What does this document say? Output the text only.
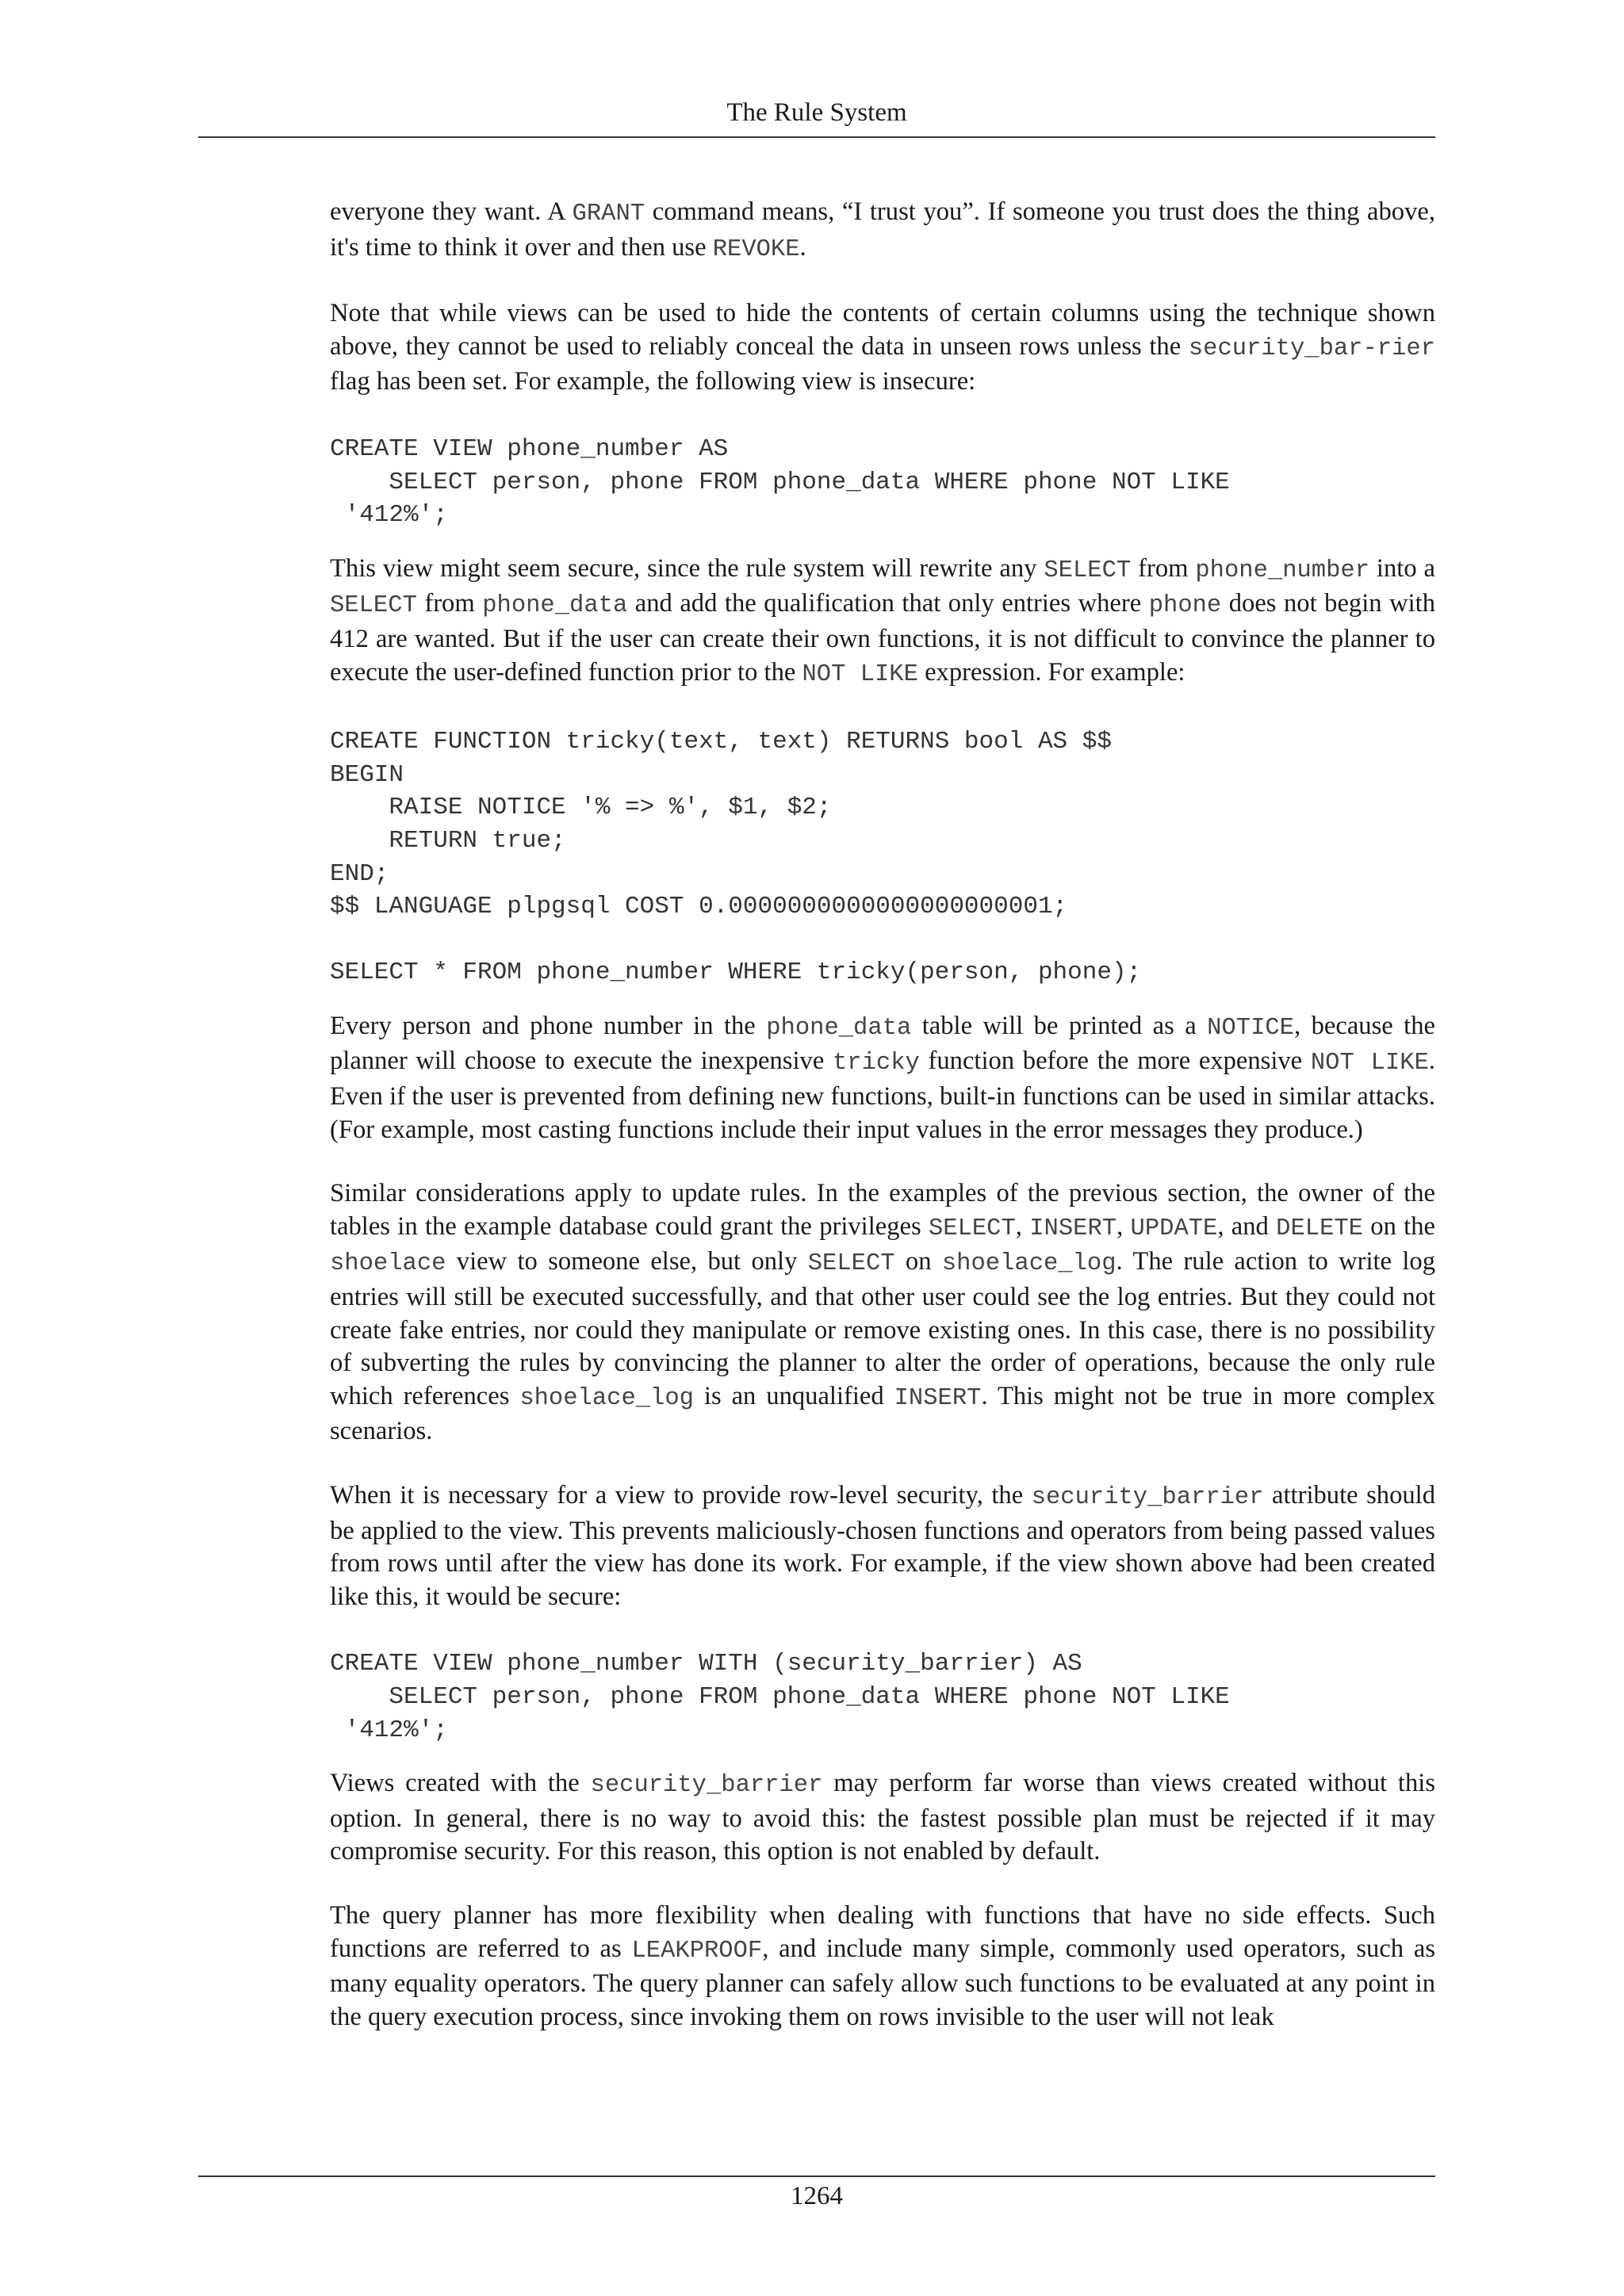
The Rule System

everyone they want. A GRANT command means, “I trust you”. If someone you trust does the thing above, it's time to think it over and then use REVOKE.

Note that while views can be used to hide the contents of certain columns using the technique shown above, they cannot be used to reliably conceal the data in unseen rows unless the security_bar-rier flag has been set. For example, the following view is insecure:

CREATE VIEW phone_number AS
SELECT person, phone FROM phone_data WHERE phone NOT LIKE
'412%';

This view might seem secure, since the rule system will rewrite any SELECT from phone_number into a SELECT from phone_data and add the qualification that only entries where phone does not begin with 412 are wanted. But if the user can create their own functions, it is not difficult to convince the planner to execute the user-defined function prior to the NOT LIKE expression. For example:

CREATE FUNCTION tricky(text, text) RETURNS bool AS $$
BEGIN
RAISE NOTICE '% => %', $1, $2;
RETURN true;
END;
$$ LANGUAGE plpgsql COST 0.0000000000000000000001;

SELECT * FROM phone_number WHERE tricky(person, phone);

Every person and phone number in the phone_data table will be printed as a NOTICE, because the planner will choose to execute the inexpensive tricky function before the more expensive NOT LIKE. Even if the user is prevented from defining new functions, built-in functions can be used in similar attacks. (For example, most casting functions include their input values in the error messages they produce.)

Similar considerations apply to update rules. In the examples of the previous section, the owner of the tables in the example database could grant the privileges SELECT, INSERT, UPDATE, and DELETE on the shoelace view to someone else, but only SELECT on shoelace_log. The rule action to write log entries will still be executed successfully, and that other user could see the log entries. But they could not create fake entries, nor could they manipulate or remove existing ones. In this case, there is no possibility of subverting the rules by convincing the planner to alter the order of operations, because the only rule which references shoelace_log is an unqualified INSERT. This might not be true in more complex scenarios.

When it is necessary for a view to provide row-level security, the security_barrier attribute should be applied to the view. This prevents maliciously-chosen functions and operators from being passed values from rows until after the view has done its work. For example, if the view shown above had been created like this, it would be secure:

CREATE VIEW phone_number WITH (security_barrier) AS
SELECT person, phone FROM phone_data WHERE phone NOT LIKE
'412%';

Views created with the security_barrier may perform far worse than views created without this option. In general, there is no way to avoid this: the fastest possible plan must be rejected if it may compromise security. For this reason, this option is not enabled by default.

The query planner has more flexibility when dealing with functions that have no side effects. Such functions are referred to as LEAKPROOF, and include many simple, commonly used operators, such as many equality operators. The query planner can safely allow such functions to be evaluated at any point in the query execution process, since invoking them on rows invisible to the user will not leak

1264
